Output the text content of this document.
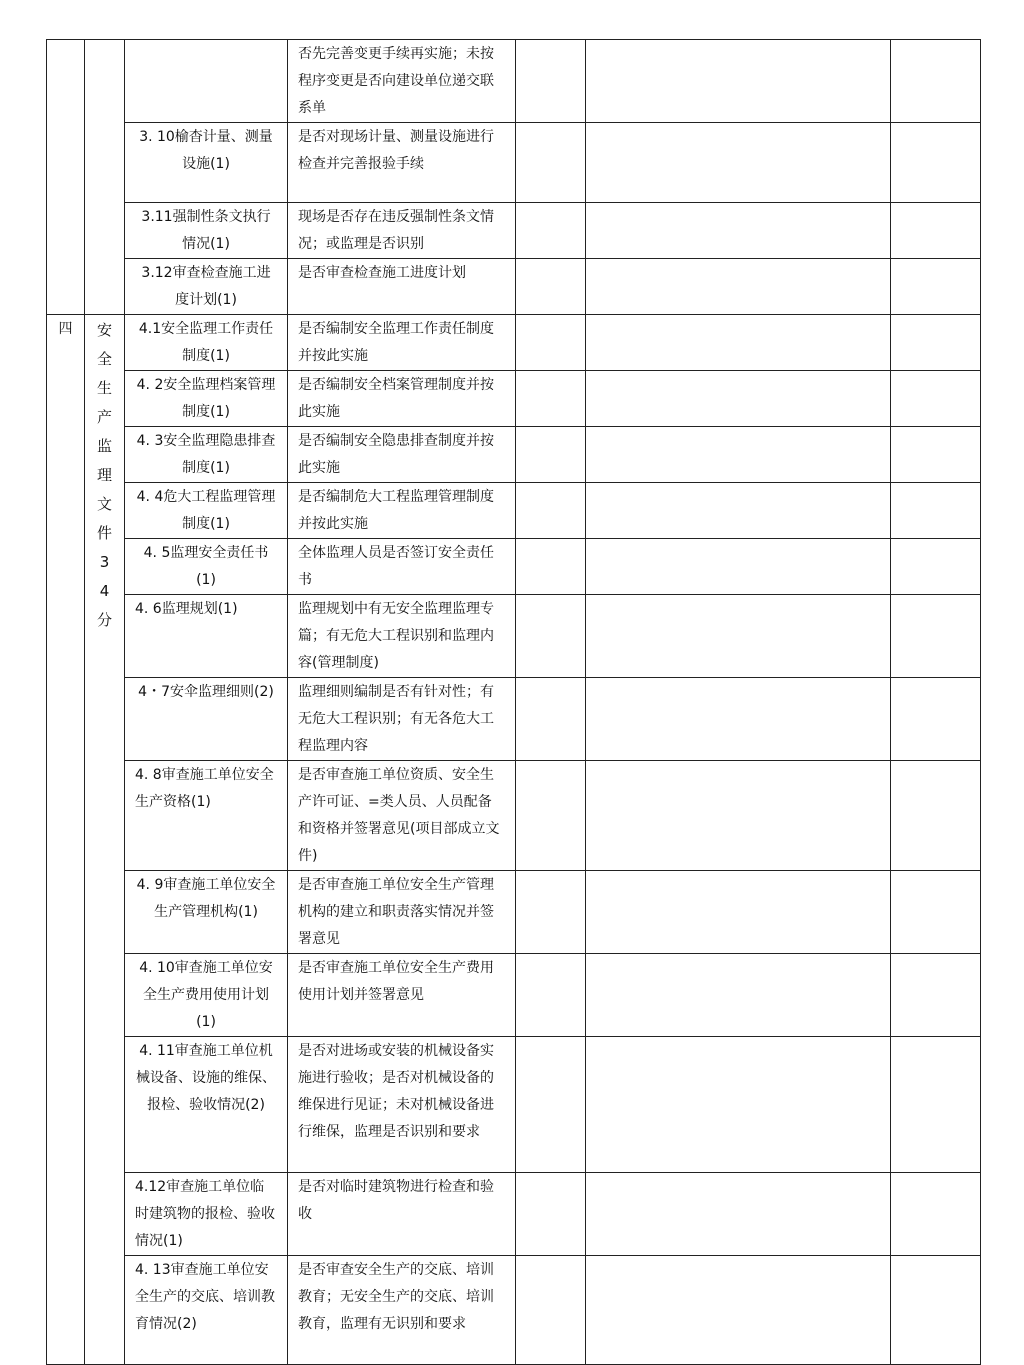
			否先完善变更手续再实施；未按程序变更是否向建设单位递交联系单			
		3. 10榆杳计量、测量设施(1)	是否对现场计量、测量设施进行检查并完善报验手续			
		3.11强制性条文执行情况(1)	现场是否存在违反强制性条文情况；或监理是否识别			
		3.12审查检查施工进度计划(1)	是否审查检查施工进度计划			
四	安全生产监理文件34分	4.1安全监理工作责任制度(1)	是否编制安全监理工作责任制度并按此实施			
		4. 2安全监理档案管理制度(1)	是否编制安全档案管理制度并按此实施			
		4. 3安全监理隐患排查制度(1)	是否编制安全隐患排查制度并按此实施			
		4. 4危大工程监理管理制度(1)	是否编制危大工程监理管理制度并按此实施			
		4. 5监理安全责任书(1)	全体监理人员是否签订安全责任书			
		4. 6监理规划(1)	监理规划中有无安全监理监理专篇；有无危大工程识别和监理内容(管理制度)			
		4・7安伞监理细则(2)	监理细则编制是否有针对性；有无危大工程识别；有无各危大工程监理内容			
		4. 8审查施工单位安全生产资格(1)	是否审查施工单位资质、安全生产许可证、=类人员、人员配备和资格并签署意见(项目部成立文件)			
		4. 9审查施工单位安全生产管理机构(1)	是否审查施工单位安全生产管理机构的建立和职责落实情况并签署意见			
		4. 10审查施工单位安全生产费用使用计划(1)	是否审查施工单位安全生产费用使用计划并签署意见			
		4. 11审查施工单位机械设备、设施的维保、报检、验收情况(2)	是否对进场或安装的机械设备实施进行验收；是否对机械设备的维保进行见证；未对机械设备进行维保，监理是否识别和要求			
		4.12审查施工单位临时建筑物的报检、验收情况(1)	是否对临时建筑物进行检查和验收			
		4. 13审查施工单位安全生产的交底、培训教育情况(2)	是否审查安全生产的交底、培训教育；无安全生产的交底、培训教育，监理有无识别和要求			
